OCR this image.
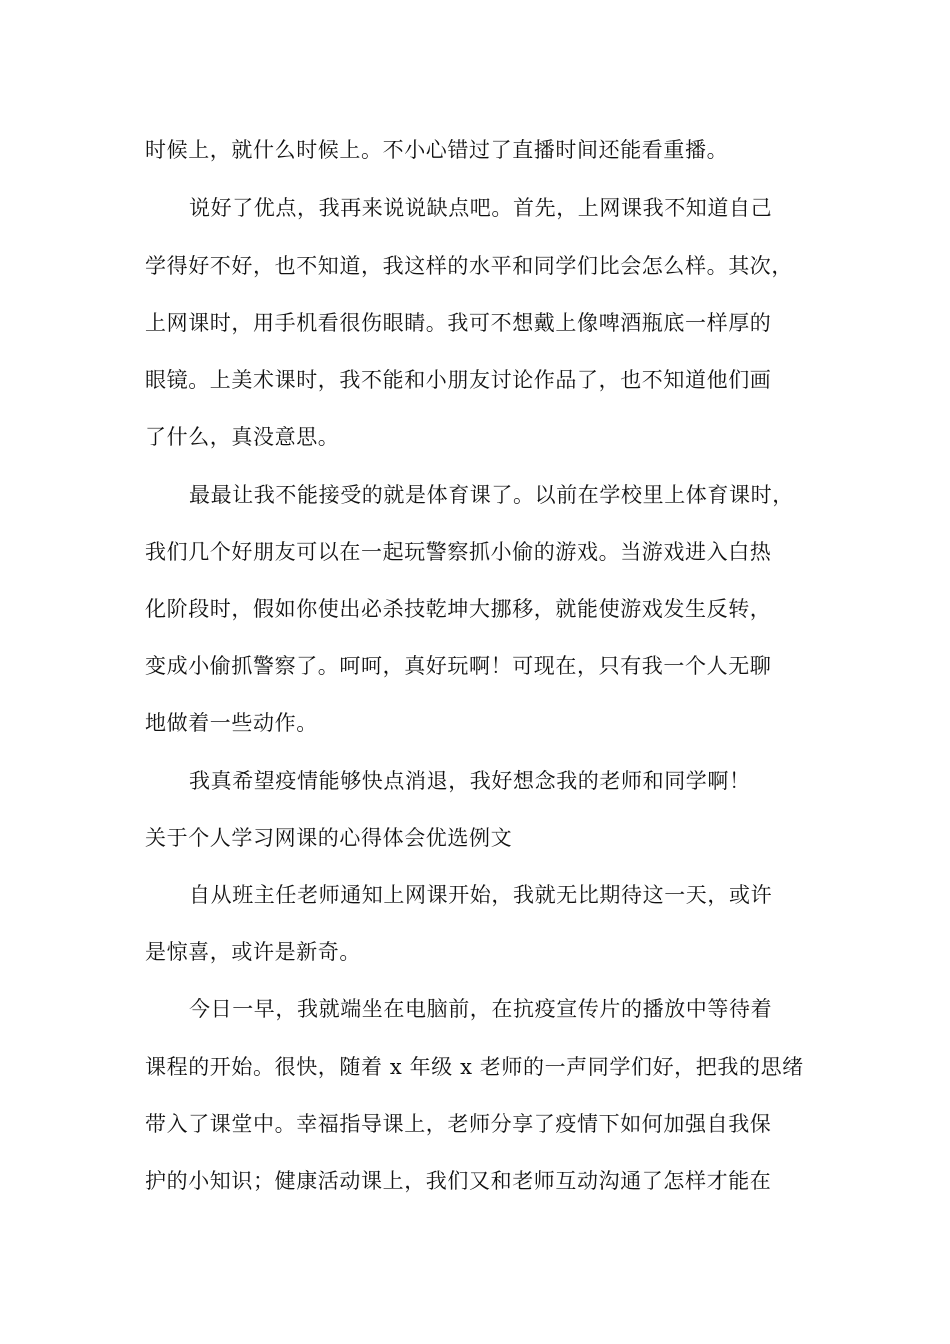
时候上，就什么时候上。不小心错过了直播时间还能看重播。

说好了优点，我再来说说缺点吧。首先，上网课我不知道自己

学得好不好，也不知道，我这样的水平和同学们比会怎么样。其次，

上网课时，用手机看很伤眼睛。我可不想戴上像啤酒瓶底一样厚的

眼镜。上美术课时，我不能和小朋友讨论作品了，也不知道他们画

了什么，真没意思。

最最让我不能接受的就是体育课了。以前在学校里上体育课时，

我们几个好朋友可以在一起玩警察抓小偷的游戏。当游戏进入白热

化阶段时，假如你使出必杀技乾坤大挪移，就能使游戏发生反转，

变成小偷抓警察了。呵呵，真好玩啊！可现在，只有我一个人无聊

地做着一些动作。

我真希望疫情能够快点消退，我好想念我的老师和同学啊！

关于个人学习网课的心得体会优选例文

自从班主任老师通知上网课开始，我就无比期待这一天，或许

是惊喜，或许是新奇。

今日一早，我就端坐在电脑前，在抗疫宣传片的播放中等待着

课程的开始。很快，随着 x 年级 x 老师的一声同学们好，把我的思绪

带入了课堂中。幸福指导课上，老师分享了疫情下如何加强自我保

护的小知识；健康活动课上，我们又和老师互动沟通了怎样才能在
